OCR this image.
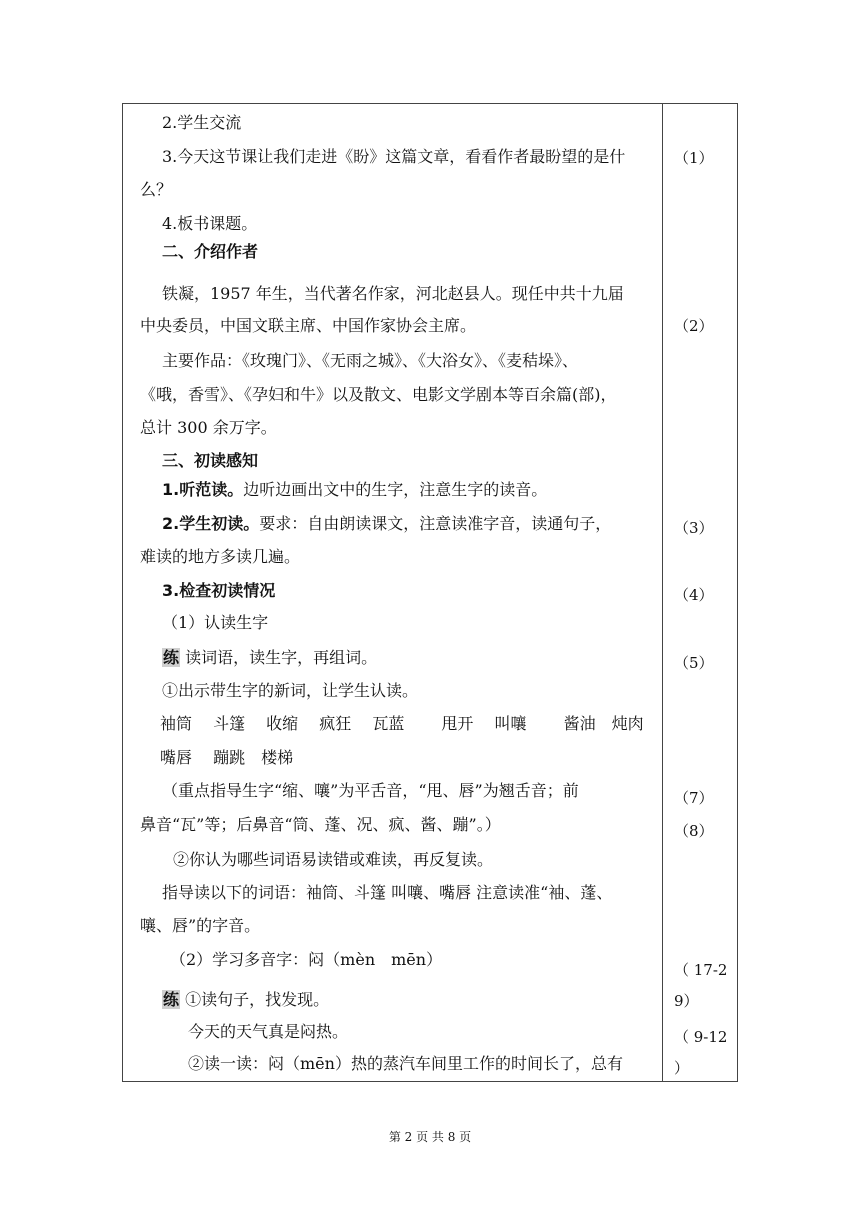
2.学生交流
3.今天这节课让我们走进《盼》这篇文章，看看作者最盼望的是什
么？
4.板书课题。
二、介绍作者
铁凝，1957 年生，当代著名作家，河北赵县人。现任中共十九届
中央委员，中国文联主席、中国作家协会主席。
主要作品：《玫瑰门》、《无雨之城》、《大浴女》、《麦秸垛》、
《哦，香雪》、《孕妇和牛》以及散文、电影文学剧本等百余篇(部)，
总计 300 余万字。
三、初读感知
1.听范读。边听边画出文中的生字，注意生字的读音。
2.学生初读。要求：自由朗读课文，注意读准字音，读通句子，
难读的地方多读几遍。
3.检查初读情况
（1）认读生字
练 读词语，读生字，再组词。
①出示带生字的新词，让学生认读。
袖筒　 斗篷　 收缩　 疯狂　 瓦蓝　　 甩开　 叫嚷　　 酱油　炖肉
嘴唇　 蹦跳　楼梯
（重点指导生字“缩、嚷”为平舌音，“甩、唇”为翘舌音；前
鼻音“瓦”等；后鼻音“筒、蓬、况、疯、酱、蹦”。）
②你认为哪些词语易读错或难读，再反复读。
指导读以下的词语：袖筒、斗篷 叫嚷、嘴唇 注意读准“袖、蓬、
嚷、唇”的字音。
（2）学习多音字：闷（mèn　mēn）
练 ①读句子，找发现。
今天的天气真是闷热。
②读一读：闷（mēn）热的蒸汽车间里工作的时间长了，总有
（1）
（2）
（3）
（4）
（5）
（7）
（8）
（ 17-2
9）
（ 9-12
）
第 2 页 共 8 页
